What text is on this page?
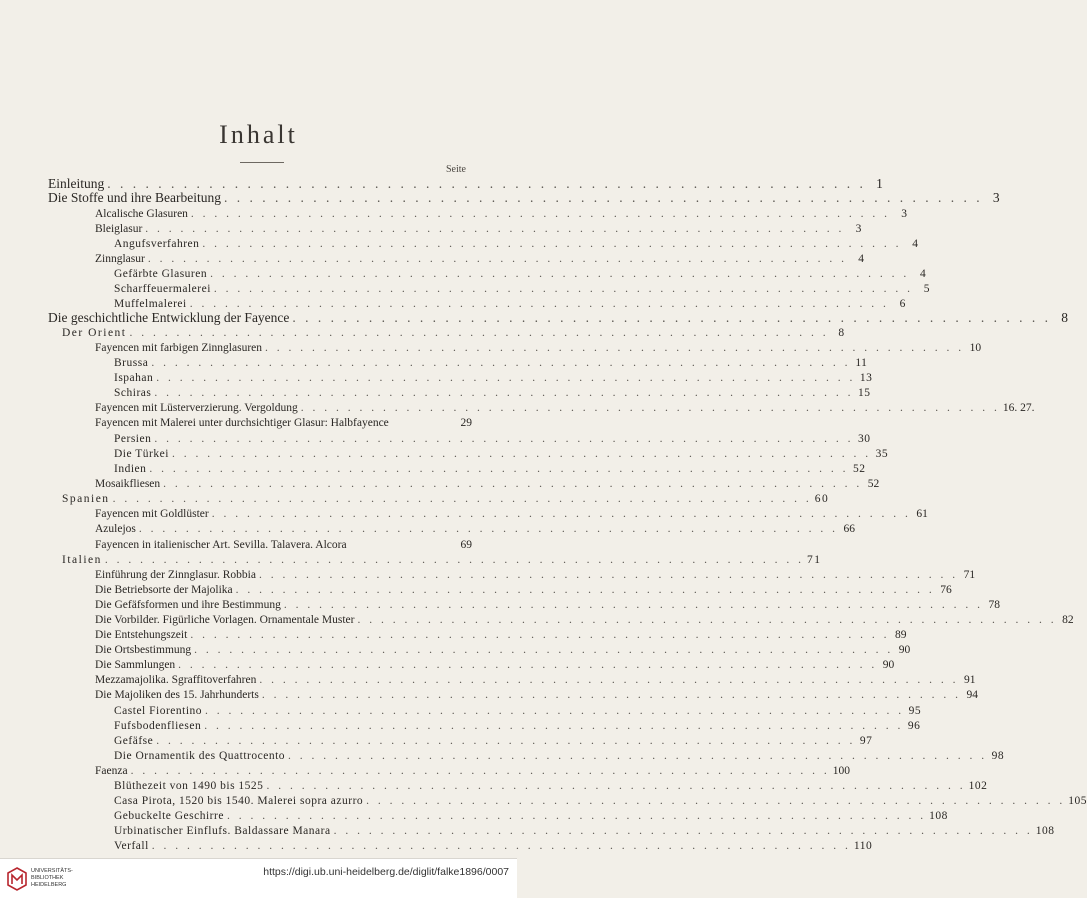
Inhalt
Seite
Einleitung . . . . . . . . . . . . . . . . . . . . . . . . . . . . . . . . . . . . . . . . . . . . . . . . . . . . . . . . . . . . 1
Die Stoffe und ihre Bearbeitung . . . . . . . . . . . . . . . . . . . . . . . . . . . . . . . . . . . . . . . . . . . . . . . . . . . . . . . . . . . . 3
Alcalische Glasuren . . . . . . . . . . . . . . . . . . . . . . . . . . . . . . . . . . . . . . . . . . . . . . . . . . . . . . . . . . . . 3
Bleiglasur . . . . . . . . . . . . . . . . . . . . . . . . . . . . . . . . . . . . . . . . . . . . . . . . . . . . . . . . . . . . 3
Angufsverfahren . . . . . . . . . . . . . . . . . . . . . . . . . . . . . . . . . . . . . . . . . . . . . . . . . . . . . . . . . . . . 4
Zinnglasur . . . . . . . . . . . . . . . . . . . . . . . . . . . . . . . . . . . . . . . . . . . . . . . . . . . . . . . . . . . . 4
Gefärbte Glasuren . . . . . . . . . . . . . . . . . . . . . . . . . . . . . . . . . . . . . . . . . . . . . . . . . . . . . . . . . . . . 4
Scharffeuermalerei . . . . . . . . . . . . . . . . . . . . . . . . . . . . . . . . . . . . . . . . . . . . . . . . . . . . . . . . . . . . 5
Muffelmalerei . . . . . . . . . . . . . . . . . . . . . . . . . . . . . . . . . . . . . . . . . . . . . . . . . . . . . . . . . . . . 6
Die geschichtliche Entwicklung der Fayence . . . . . . . . . . . . . . . . . . . . . . . . . . . . . . . . . . . . . . . . . . . . . . . . . . . . . . . . . . . . 8
Der Orient . . . . . . . . . . . . . . . . . . . . . . . . . . . . . . . . . . . . . . . . . . . . . . . . . . . . . . . . . . . . 8
Fayencen mit farbigen Zinnglasuren . . . . . . . . . . . . . . . . . . . . . . . . . . . . . . . . . . . . . . . . . . . . . . . . . . . . . . . . . . . . 10
Brussa . . . . . . . . . . . . . . . . . . . . . . . . . . . . . . . . . . . . . . . . . . . . . . . . . . . . . . . . . . . . 11
Ispahan . . . . . . . . . . . . . . . . . . . . . . . . . . . . . . . . . . . . . . . . . . . . . . . . . . . . . . . . . . . . 13
Schiras . . . . . . . . . . . . . . . . . . . . . . . . . . . . . . . . . . . . . . . . . . . . . . . . . . . . . . . . . . . . 15
Fayencen mit Lüsterverzierung. Vergoldung . . . . . . . . . . . . . . . . . . . . . . . . . . . . . . . . . . . . . . . . . . . . . . . . . . . . . . . . . . . . 16. 27.
Fayencen mit Malerei unter durchsichtiger Glasur: Halbfayence	29
Persien . . . . . . . . . . . . . . . . . . . . . . . . . . . . . . . . . . . . . . . . . . . . . . . . . . . . . . . . . . . . 30
Die Türkei . . . . . . . . . . . . . . . . . . . . . . . . . . . . . . . . . . . . . . . . . . . . . . . . . . . . . . . . . . . . 35
Indien . . . . . . . . . . . . . . . . . . . . . . . . . . . . . . . . . . . . . . . . . . . . . . . . . . . . . . . . . . . . 52
Mosaikfliesen . . . . . . . . . . . . . . . . . . . . . . . . . . . . . . . . . . . . . . . . . . . . . . . . . . . . . . . . . . . . 52
Spanien . . . . . . . . . . . . . . . . . . . . . . . . . . . . . . . . . . . . . . . . . . . . . . . . . . . . . . . . . . . . 60
Fayencen mit Goldlüster . . . . . . . . . . . . . . . . . . . . . . . . . . . . . . . . . . . . . . . . . . . . . . . . . . . . . . . . . . . . 61
Azulejos . . . . . . . . . . . . . . . . . . . . . . . . . . . . . . . . . . . . . . . . . . . . . . . . . . . . . . . . . . . . 66
Fayencen in italienischer Art. Sevilla. Talavera. Alcora	69
Italien . . . . . . . . . . . . . . . . . . . . . . . . . . . . . . . . . . . . . . . . . . . . . . . . . . . . . . . . . . . . 71
Einführung der Zinnglasur. Robbia . . . . . . . . . . . . . . . . . . . . . . . . . . . . . . . . . . . . . . . . . . . . . . . . . . . . . . . . . . . . 71
Die Betriebsorte der Majolika . . . . . . . . . . . . . . . . . . . . . . . . . . . . . . . . . . . . . . . . . . . . . . . . . . . . . . . . . . . . 76
Die Gefäfsformen und ihre Bestimmung . . . . . . . . . . . . . . . . . . . . . . . . . . . . . . . . . . . . . . . . . . . . . . . . . . . . . . . . . . . . 78
Die Vorbilder. Figürliche Vorlagen. Ornamentale Muster . . . . . . . . . . . . . . . . . . . . . . . . . . . . . . . . . . . . . . . . . . . . . . . . . . . . . . . . . . . . 82
Die Entstehungszeit . . . . . . . . . . . . . . . . . . . . . . . . . . . . . . . . . . . . . . . . . . . . . . . . . . . . . . . . . . . . 89
Die Ortsbestimmung . . . . . . . . . . . . . . . . . . . . . . . . . . . . . . . . . . . . . . . . . . . . . . . . . . . . . . . . . . . . 90
Die Sammlungen . . . . . . . . . . . . . . . . . . . . . . . . . . . . . . . . . . . . . . . . . . . . . . . . . . . . . . . . . . . . 90
Mezzamajolika. Sgraffitoverfahren . . . . . . . . . . . . . . . . . . . . . . . . . . . . . . . . . . . . . . . . . . . . . . . . . . . . . . . . . . . . 91
Die Majoliken des 15. Jahrhunderts . . . . . . . . . . . . . . . . . . . . . . . . . . . . . . . . . . . . . . . . . . . . . . . . . . . . . . . . . . . . 94
Castel Fiorentino . . . . . . . . . . . . . . . . . . . . . . . . . . . . . . . . . . . . . . . . . . . . . . . . . . . . . . . . . . . . 95
Fufsbodenfliesen . . . . . . . . . . . . . . . . . . . . . . . . . . . . . . . . . . . . . . . . . . . . . . . . . . . . . . . . . . . . 96
Gefäfse . . . . . . . . . . . . . . . . . . . . . . . . . . . . . . . . . . . . . . . . . . . . . . . . . . . . . . . . . . . . 97
Die Ornamentik des Quattrocento . . . . . . . . . . . . . . . . . . . . . . . . . . . . . . . . . . . . . . . . . . . . . . . . . . . . . . . . . . . . 98
Faenza . . . . . . . . . . . . . . . . . . . . . . . . . . . . . . . . . . . . . . . . . . . . . . . . . . . . . . . . . . . . 100
Blüthezeit von 1490 bis 1525 . . . . . . . . . . . . . . . . . . . . . . . . . . . . . . . . . . . . . . . . . . . . . . . . . . . . . . . . . . . . 102
Casa Pirota, 1520 bis 1540. Malerei sopra azurro . . . . . . . . . . . . . . . . . . . . . . . . . . . . . . . . . . . . . . . . . . . . . . . . . . . . . . . . . . . . 105
Gebuckelte Geschirre . . . . . . . . . . . . . . . . . . . . . . . . . . . . . . . . . . . . . . . . . . . . . . . . . . . . . . . . . . . . 108
Urbinatischer Einflufs. Baldassare Manara . . . . . . . . . . . . . . . . . . . . . . . . . . . . . . . . . . . . . . . . . . . . . . . . . . . . . . . . . . . . 108
Verfall . . . . . . . . . . . . . . . . . . . . . . . . . . . . . . . . . . . . . . . . . . . . . . . . . . . . . . . . . . . . 110
UNIVERSITÄTS-
BIBLIOTHEK
HEIDELBERG
https://digi.ub.uni-heidelberg.de/diglit/falke1896/0007
